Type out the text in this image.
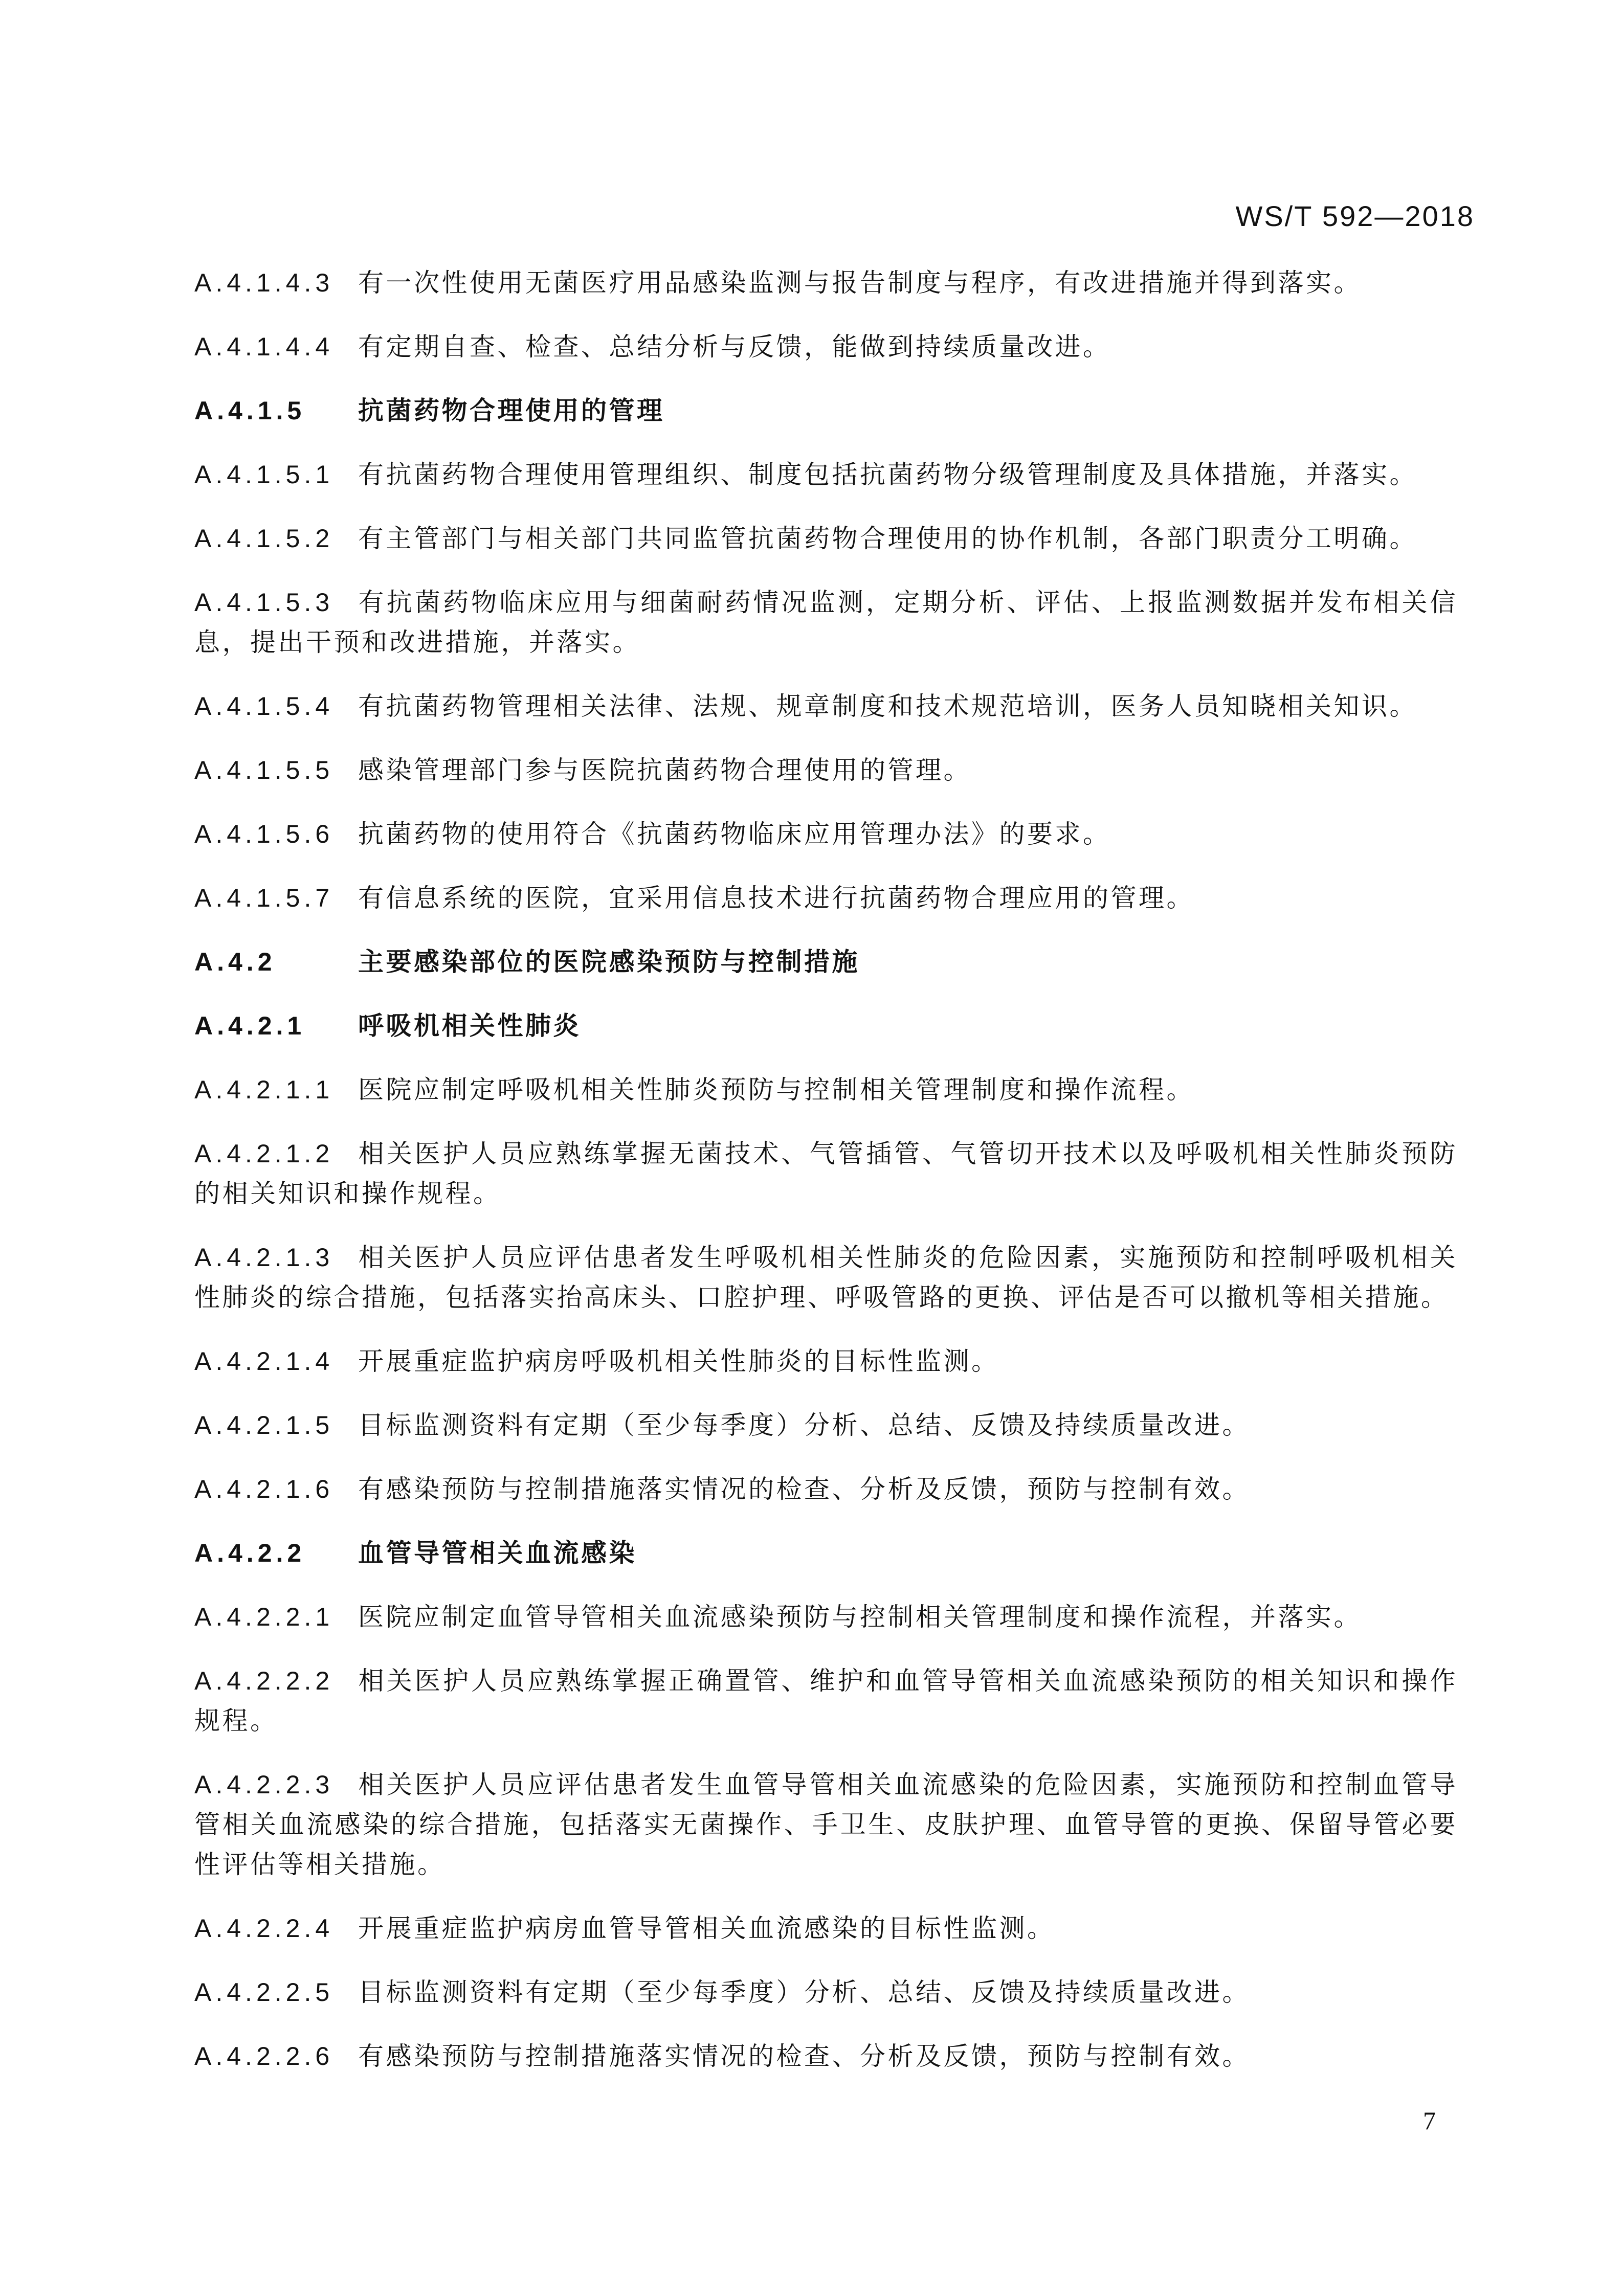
WS/T 592—2018

A.4.1.4.3 有一次性使用无菌医疗用品感染监测与报告制度与程序，有改进措施并得到落实。

A.4.1.4.4 有定期自查、检查、总结分析与反馈，能做到持续质量改进。

A.4.1.5 抗菌药物合理使用的管理

A.4.1.5.1 有抗菌药物合理使用管理组织、制度包括抗菌药物分级管理制度及具体措施，并落实。

A.4.1.5.2 有主管部门与相关部门共同监管抗菌药物合理使用的协作机制，各部门职责分工明确。

A.4.1.5.3 有抗菌药物临床应用与细菌耐药情况监测，定期分析、评估、上报监测数据并发布相关信息，提出干预和改进措施，并落实。

A.4.1.5.4 有抗菌药物管理相关法律、法规、规章制度和技术规范培训，医务人员知晓相关知识。

A.4.1.5.5 感染管理部门参与医院抗菌药物合理使用的管理。

A.4.1.5.6 抗菌药物的使用符合《抗菌药物临床应用管理办法》的要求。

A.4.1.5.7 有信息系统的医院，宜采用信息技术进行抗菌药物合理应用的管理。

A.4.2	主要感染部位的医院感染预防与控制措施

A.4.2.1 呼吸机相关性肺炎

A.4.2.1.1 医院应制定呼吸机相关性肺炎预防与控制相关管理制度和操作流程。

A.4.2.1.2 相关医护人员应熟练掌握无菌技术、气管插管、气管切开技术以及呼吸机相关性肺炎预防的相关知识和操作规程。

A.4.2.1.3 相关医护人员应评估患者发生呼吸机相关性肺炎的危险因素，实施预防和控制呼吸机相关性肺炎的综合措施，包括落实抬高床头、口腔护理、呼吸管路的更换、评估是否可以撤机等相关措施。

A.4.2.1.4 开展重症监护病房呼吸机相关性肺炎的目标性监测。

A.4.2.1.5 目标监测资料有定期（至少每季度）分析、总结、反馈及持续质量改进。

A.4.2.1.6 有感染预防与控制措施落实情况的检查、分析及反馈，预防与控制有效。

A.4.2.2 血管导管相关血流感染

A.4.2.2.1 医院应制定血管导管相关血流感染预防与控制相关管理制度和操作流程，并落实。

A.4.2.2.2 相关医护人员应熟练掌握正确置管、维护和血管导管相关血流感染预防的相关知识和操作规程。

A.4.2.2.3 相关医护人员应评估患者发生血管导管相关血流感染的危险因素，实施预防和控制血管导管相关血流感染的综合措施，包括落实无菌操作、手卫生、皮肤护理、血管导管的更换、保留导管必要性评估等相关措施。

A.4.2.2.4 开展重症监护病房血管导管相关血流感染的目标性监测。

A.4.2.2.5 目标监测资料有定期（至少每季度）分析、总结、反馈及持续质量改进。

A.4.2.2.6 有感染预防与控制措施落实情况的检查、分析及反馈，预防与控制有效。

7
